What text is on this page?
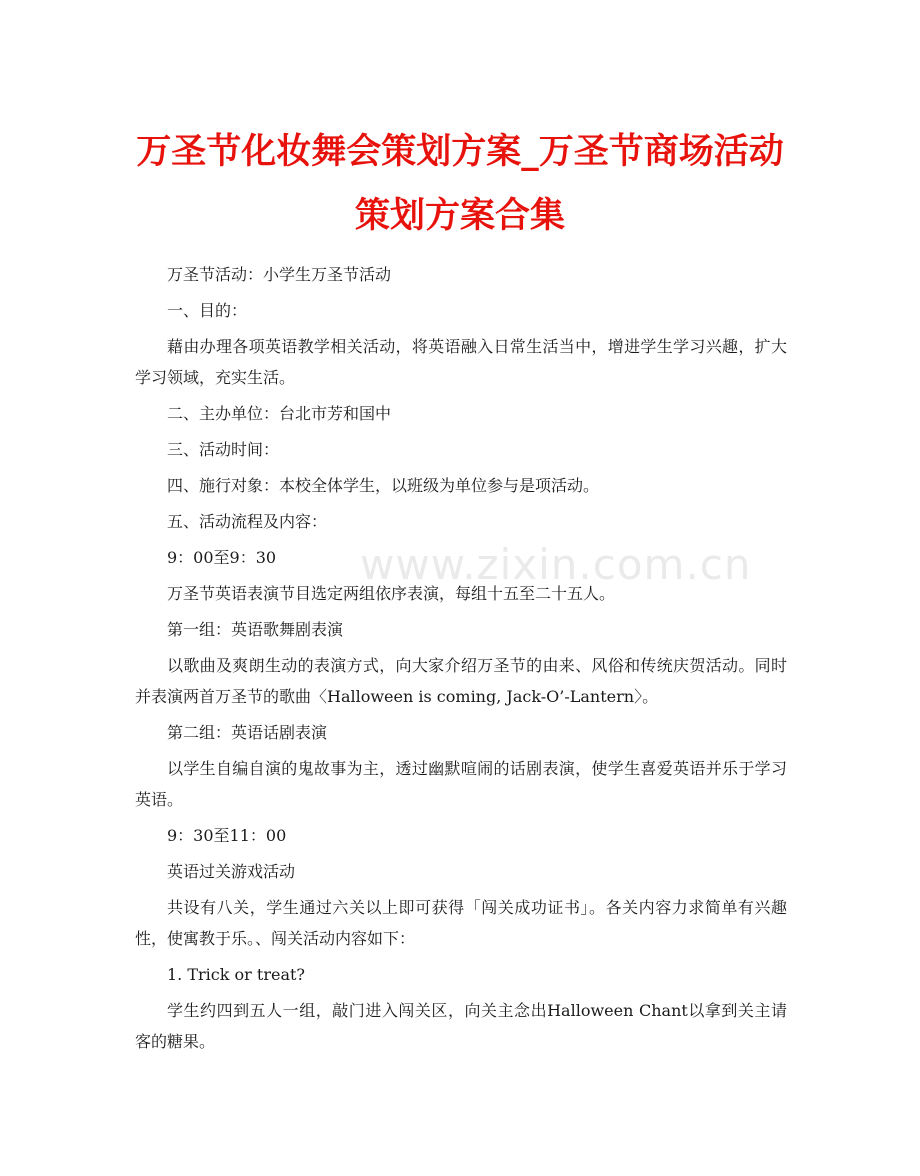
万圣节化妆舞会策划方案_万圣节商场活动
策划方案合集
www.zixin.com.cn

万圣节活动：小学生万圣节活动

一、目的：

藉由办理各项英语教学相关活动，将英语融入日常生活当中，增进学生学习兴趣，扩大学习领域，充实生活。

二、主办单位：台北市芳和国中

三、活动时间：

四、施行对象：本校全体学生，以班级为单位参与是项活动。

五、活动流程及内容：

9：00至9：30

万圣节英语表演节目选定两组依序表演，每组十五至二十五人。

第一组：英语歌舞剧表演

以歌曲及爽朗生动的表演方式，向大家介绍万圣节的由来、风俗和传统庆贺活动。同时并表演两首万圣节的歌曲〈Halloween is coming, Jack-O’-Lantern〉。

第二组：英语话剧表演

以学生自编自演的鬼故事为主，透过幽默喧闹的话剧表演，使学生喜爱英语并乐于学习英语。

9：30至11：00

英语过关游戏活动

共设有八关，学生通过六关以上即可获得「闯关成功证书」。各关内容力求简单有兴趣性，使寓教于乐。、闯关活动内容如下：

1. Trick or treat?

学生约四到五人一组，敲门进入闯关区，向关主念出Halloween Chant以拿到关主请客的糖果。
